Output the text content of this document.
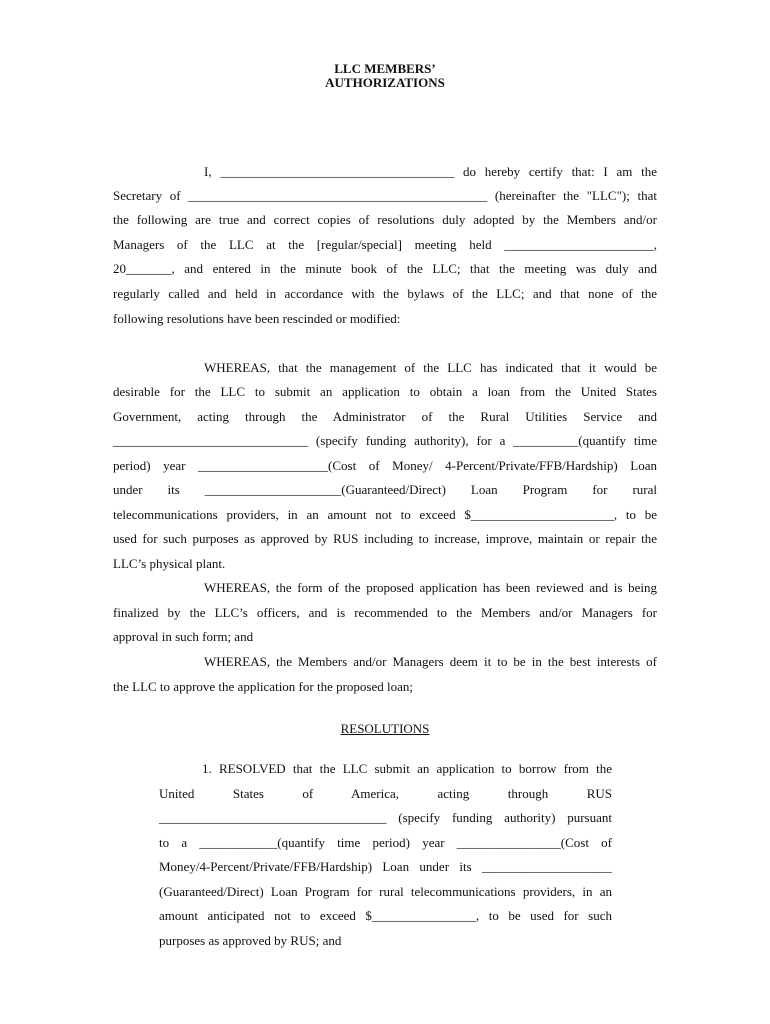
LLC MEMBERS’
AUTHORIZATIONS
I, ____________________________________ do hereby certify that: I am the
Secretary of ______________________________________________ (hereinafter the "LLC"); that
the following are true and correct copies of resolutions duly adopted by the Members and/or
Managers of the LLC at the [regular/special] meeting held _______________________,
20_______, and entered in the minute book of the LLC; that the meeting was duly and
regularly called and held in accordance with the bylaws of the LLC; and that none of the
following resolutions have been rescinded or modified:
WHEREAS, that the management of the LLC has indicated that it would be
desirable for the LLC to submit an application to obtain a loan from the United States
Government, acting through the Administrator of the Rural Utilities Service and
______________________________ (specify funding authority), for a __________(quantify time
period) year ____________________(Cost of Money/ 4-Percent/Private/FFB/Hardship) Loan
under its _____________________(Guaranteed/Direct) Loan Program for rural
telecommunications providers, in an amount not to exceed $______________________, to be
used for such purposes as approved by RUS including to increase, improve, maintain or repair the
LLC’s physical plant.
WHEREAS, the form of the proposed application has been reviewed and is being
finalized by the LLC’s officers, and is recommended to the Members and/or Managers for
approval in such form; and
WHEREAS, the Members and/or Managers deem it to be in the best interests of
the LLC to approve the application for the proposed loan;
RESOLUTIONS
1. RESOLVED that the LLC submit an application to borrow from the
United States of America, acting through RUS
___________________________________ (specify funding authority) pursuant
to a ____________(quantify time period) year ________________(Cost of
Money/4-Percent/Private/FFB/Hardship) Loan under its ____________________
(Guaranteed/Direct) Loan Program for rural telecommunications providers, in an
amount anticipated not to exceed $________________, to be used for such
purposes as approved by RUS; and
